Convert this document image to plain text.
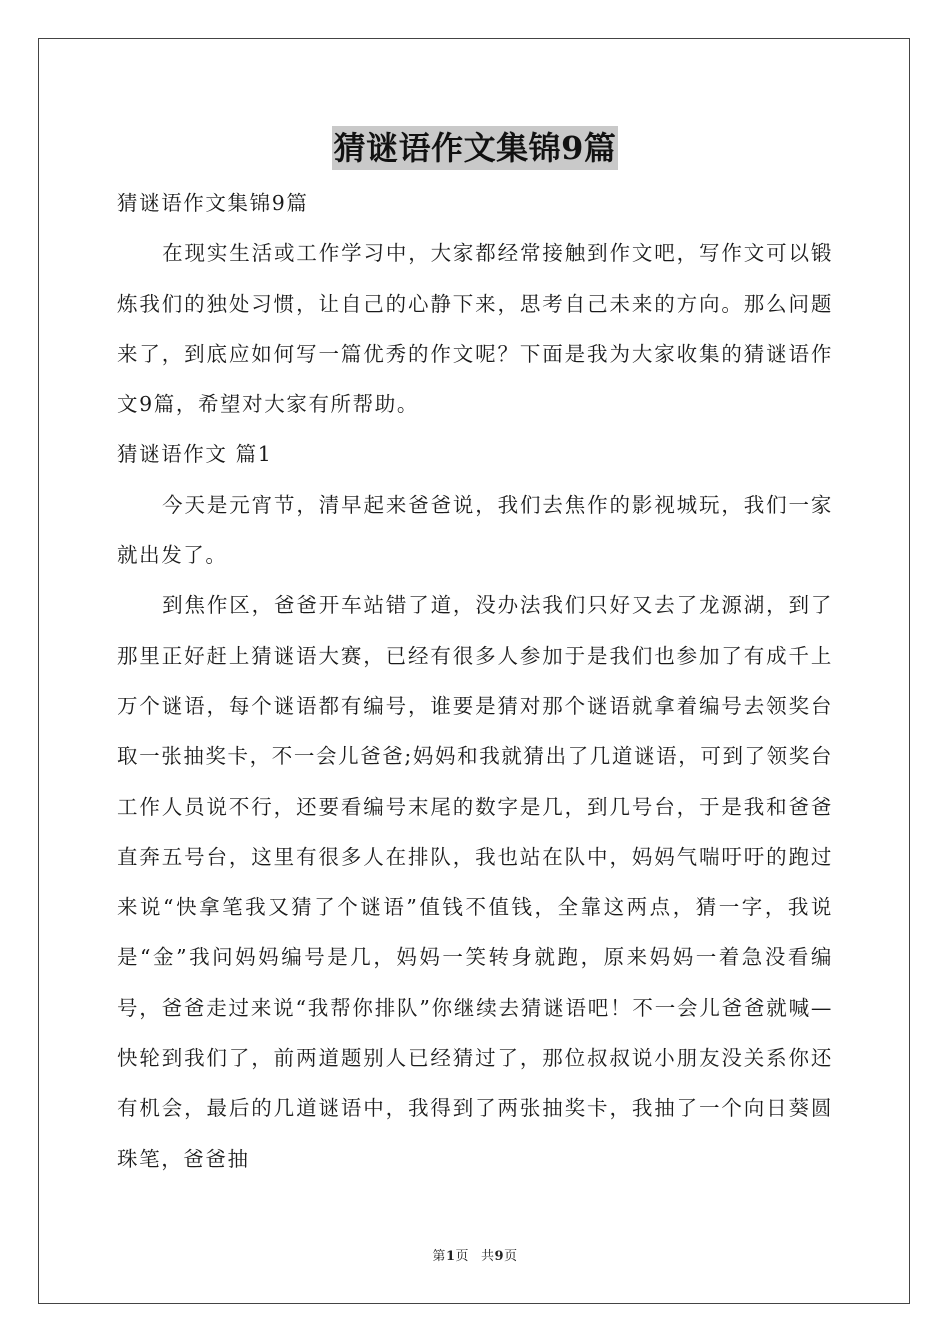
猜谜语作文集锦9篇

猜谜语作文集锦9篇

在现实生活或工作学习中，大家都经常接触到作文吧，写作文可以锻炼我们的独处习惯，让自己的心静下来，思考自己未来的方向。那么问题来了，到底应如何写一篇优秀的作文呢？下面是我为大家收集的猜谜语作文9篇，希望对大家有所帮助。

猜谜语作文 篇1

今天是元宵节，清早起来爸爸说，我们去焦作的影视城玩，我们一家就出发了。

到焦作区，爸爸开车站错了道，没办法我们只好又去了龙源湖，到了那里正好赶上猜谜语大赛，已经有很多人参加于是我们也参加了有成千上万个谜语，每个谜语都有编号，谁要是猜对那个谜语就拿着编号去领奖台取一张抽奖卡，不一会儿爸爸;妈妈和我就猜出了几道谜语，可到了领奖台工作人员说不行，还要看编号末尾的数字是几，到几号台，于是我和爸爸直奔五号台，这里有很多人在排队，我也站在队中，妈妈气喘吁吁的跑过来说“快拿笔我又猜了个谜语”值钱不值钱，全靠这两点，猜一字，我说是“金”我问妈妈编号是几，妈妈一笑转身就跑，原来妈妈一着急没看编号，爸爸走过来说“我帮你排队”你继续去猜谜语吧！不一会儿爸爸就喊—快轮到我们了，前两道题别人已经猜过了，那位叔叔说小朋友没关系你还有机会，最后的几道谜语中，我得到了两张抽奖卡，我抽了一个向日葵圆珠笔，爸爸抽

第1页 共9页
